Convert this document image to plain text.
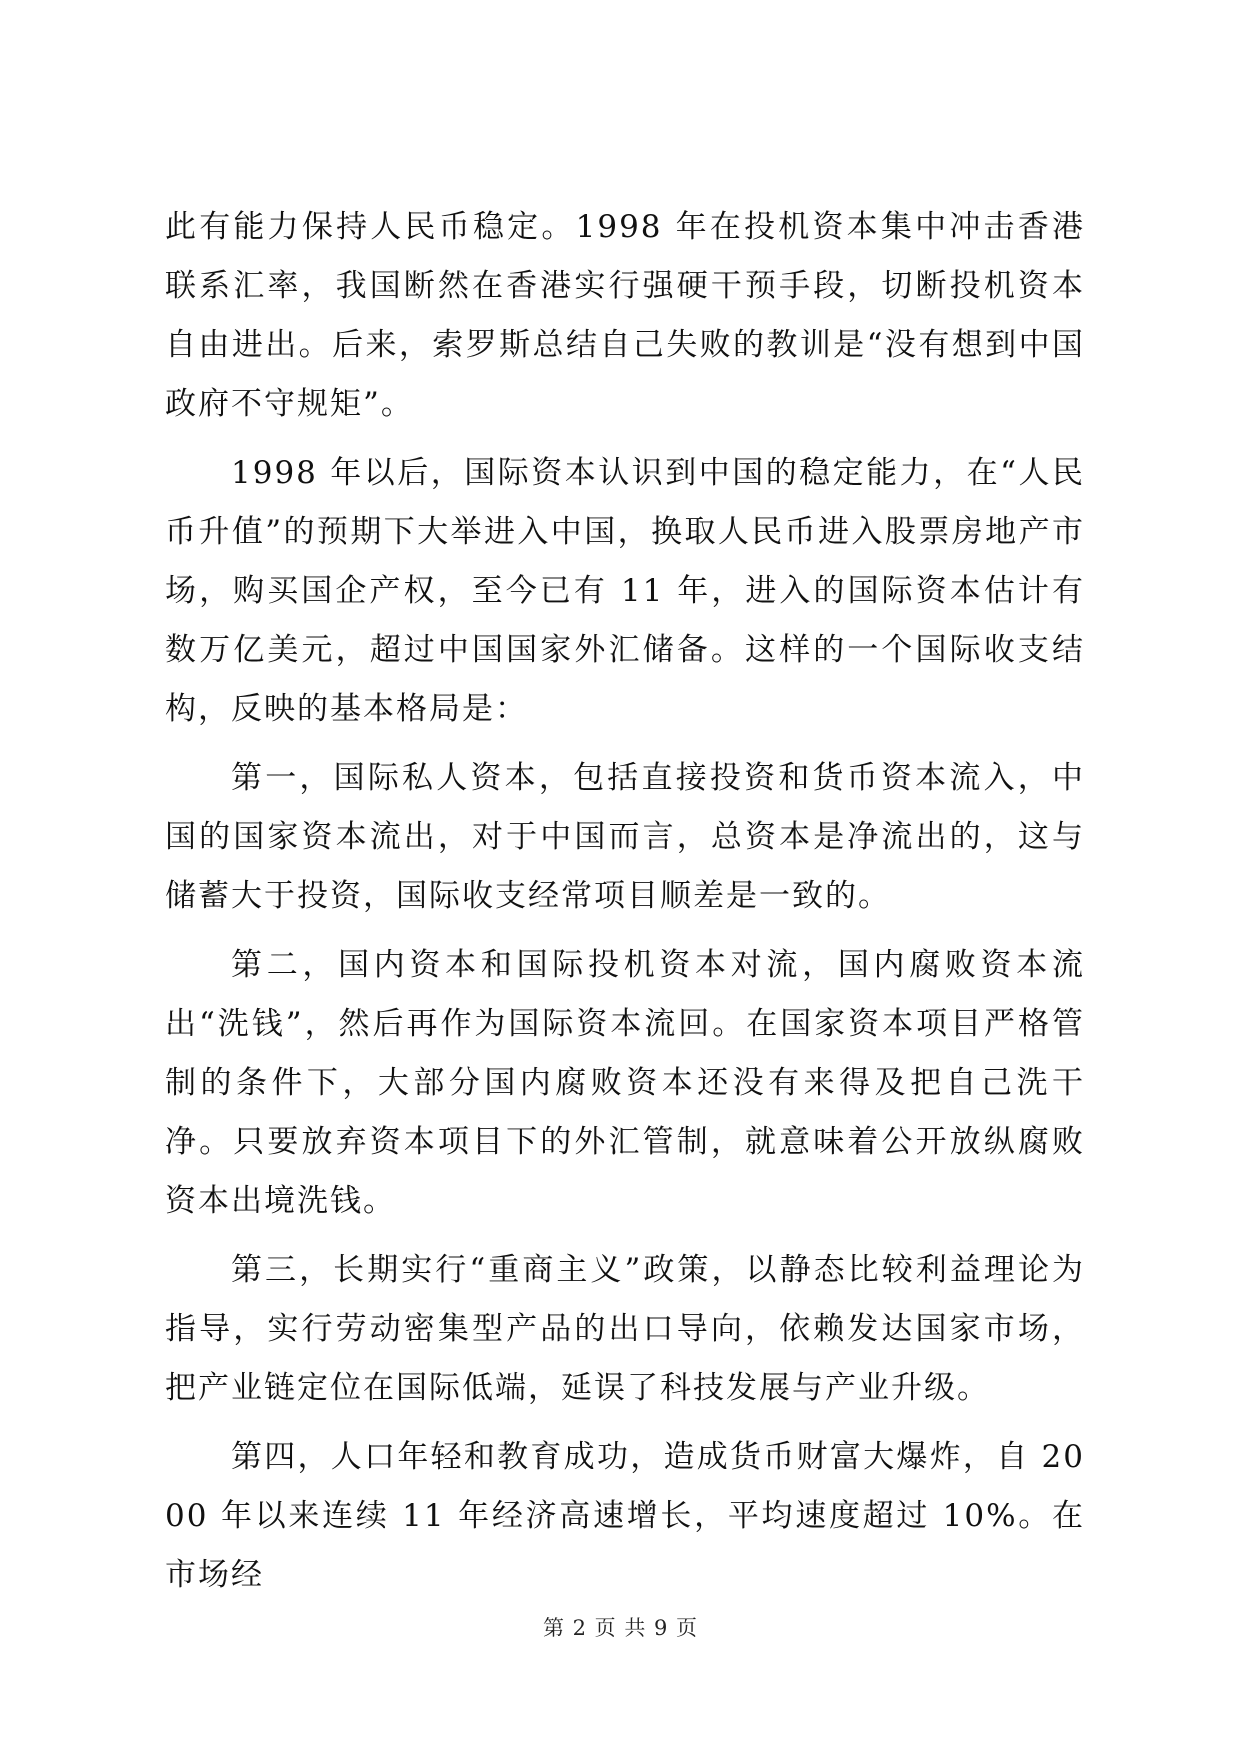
此有能力保持人民币稳定。1998 年在投机资本集中冲击香港联系汇率，我国断然在香港实行强硬干预手段，切断投机资本自由进出。后来，索罗斯总结自己失败的教训是“没有想到中国政府不守规矩”。

1998 年以后，国际资本认识到中国的稳定能力，在“人民币升值”的预期下大举进入中国，换取人民币进入股票房地产市场，购买国企产权，至今已有 11 年，进入的国际资本估计有数万亿美元，超过中国国家外汇储备。这样的一个国际收支结构，反映的基本格局是：

第一，国际私人资本，包括直接投资和货币资本流入，中国的国家资本流出，对于中国而言，总资本是净流出的，这与储蓄大于投资，国际收支经常项目顺差是一致的。

第二，国内资本和国际投机资本对流，国内腐败资本流出“洗钱”，然后再作为国际资本流回。在国家资本项目严格管制的条件下，大部分国内腐败资本还没有来得及把自己洗干净。只要放弃资本项目下的外汇管制，就意味着公开放纵腐败资本出境洗钱。

第三，长期实行“重商主义”政策，以静态比较利益理论为指导，实行劳动密集型产品的出口导向，依赖发达国家市场，把产业链定位在国际低端，延误了科技发展与产业升级。

第四，人口年轻和教育成功，造成货币财富大爆炸，自 2000 年以来连续 11 年经济高速增长，平均速度超过 10%。在市场经

第 2 页 共 9 页
